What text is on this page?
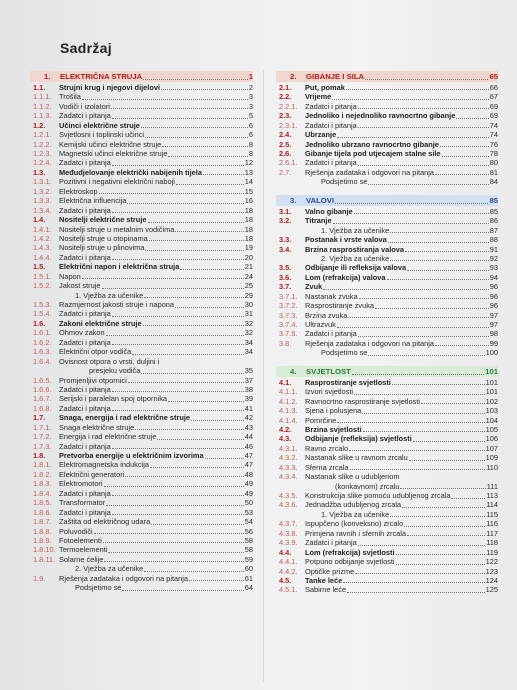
Sadržaj
1.	ELEKTRIČNA STRUJA	1
1.1.	Strujni krug i njegovi dijelovi	2
1.1.1.	Trošila	3
1.1.2.	Vodiči i izolatori	3
1.1.3.	Zadatci i pitanja	5
1.2.	Učinci električne struje	6
1.2.1.	Svjetlosni i toplinski učinci	6
1.2.2.	Kemijski učinci električne struje	8
1.2.3.	Magnetski učinci električne struje	8
1.2.4.	Zadatci i pitanja	12
1.3.	Međudjelovanje električki nabijenih tijela	13
1.3.1.	Pozitivni i negativni električni naboji	14
1.3.2.	Elektroskop	15
1.3.3.	Električna influencija	16
1.3.4.	Zadatci i pitanja	18
1.4.	Nositelji električne struje	18
1.4.1.	Nositelji struje u metalnim vodičima	18
1.4.2.	Nositelji struje u otopinama	18
1.4.3.	Nositelji struje u plinovima	19
1.4.4.	Zadatci i pitanja	20
1.5.	Električni napon i električna struja	21
1.5.1.	Napon	24
1.5.2.	Jakost struje	25
1. Vježba za učenike	29
1.5.3.	Razmjernost jakosti struje i napona	30
1.5.4.	Zadatci i pitanja	31
1.6.	Zakoni električne struje	32
1.6.1.	Ohmov zakon	32
1.6.2.	Zadatci i pitanja	34
1.6.3.	Električni otpor vodiča	34
1.6.4.	Ovisnost otpora o vrsti, duljini i
presjeku vodiča	35
1.6.5.	Promjenljivi otpornici	37
1.6.6.	Zadatci i pitanja	38
1.6.7.	Serijski i paralelan spoj otpornika	39
1.6.8.	Zadatci i pitanja	41
1.7.	Snaga, energija i rad električne struje	42
1.7.1.	Snaga električne struje	43
1.7.2.	Energija i rad električne struje	44
1.7.3.	Zadatci i pitanja	46
1.8.	Pretvorba energije u električnim izvorima	47
1.8.1.	Elektromagnetska indukcija	47
1.8.2.	Električni generatori	48
1.8.3.	Elektromotori	49
1.8.4.	Zadatci i pitanja	49
1.8.5.	Transformator	50
1.8.6.	Zadatci i pitanja	53
1.8.7.	Zaštita od električnog udara	54
1.8.8.	Poluvodiči	56
1.8.9.	Fotoelementi	58
1.8.10. Termoelementi	58
1.8.11. Solarne ćelije	59
2. Vježba za učenike	60
1.9.	Rješenja zadataka i odgovori na pitanja	61
Podsjetimo se	64
2.	GIBANJE I SILA	65
2.1.	Put, pomak	66
2.2.	Vrijeme	67
2.2.1.	Zadatci i pitanja	69
2.3.	Jednoliko i nejednoliko ravnocrtno gibanje	69
2.3.1.	Zadatci i pitanja	74
2.4.	Ubrzanje	74
2.5.	Jednoliko ubrzano ravnocrtno gibanje	76
2.6.	Gibanje tijela pod utjecajem stalne sile	78
2.6.1.	Zadatci i pitanja	80
2.7.	Rješenja zadataka i odgovori na pitanja	81
Podsjetimo se	84
3.	VALOVI	85
3.1.	Valno gibanje	85
3.2.	Titranje	86
1. Vježba za učenike	87
3.3.	Postanak i vrste valova	88
3.4.	Brzina rasprostiranja valova	91
2. Vježba za učenike	92
3.5.	Odbijanje ili refleksija valova	93
3.6.	Lom (refrakcija) valova	94
3.7.	Zvuk	96
3.7.1.	Nastanak zvuka	96
3.7.2.	Rasprostiranje zvuka	96
3.7.3.	Brzina zvuka	97
3.7.4.	Ultrazvuk	97
3.7.5.	Zadatci i pitanja	98
3.8.	Rješenja zadataka i odgovori na pitanja	99
Podsjetimo se	100
4.	SVJETLOST	101
4.1.	Rasprostiranje svjetlosti	101
4.1.1.	Izvori svjetlosti	101
4.1.2.	Ravnocrtno rasprostiranje svjetlosti	102
4.1.3.	Sjena i polusjena	103
4.1.4.	Pomrčine	104
4.2.	Brzina svjetlosti	105
4.3.	Odbijanje (refleksija) svjetlosti	106
4.3.1.	Ravno zrcalo	107
4.3.2.	Nastanak slike u ravnom zrcalu	109
4.3.3.	Sferna zrcala	110
4.3.4.	Nastanak slike u udubljenom
(konkavnom) zrcalu	111
4.3.5.	Konstrukcija slike pomoću udubljenog zrcala	113
4.3.6.	Jednadžba udubljenog zrcala	114
1. Vježba za učenike	115
4.3.7.	Ispupčeno (konveksno) zrcalo	116
4.3.8.	Primjena ravnih i sfernih zrcala	117
4.3.9.	Zadatci i pitanja	118
4.4.	Lom (refrakcija) svjetlosti	119
4.4.1.	Potpuno odbijanje svjetlosti	122
4.4.2.	Optičke prizme	123
4.5.	Tanke leće	124
4.5.1.	Sabirne leće	125
